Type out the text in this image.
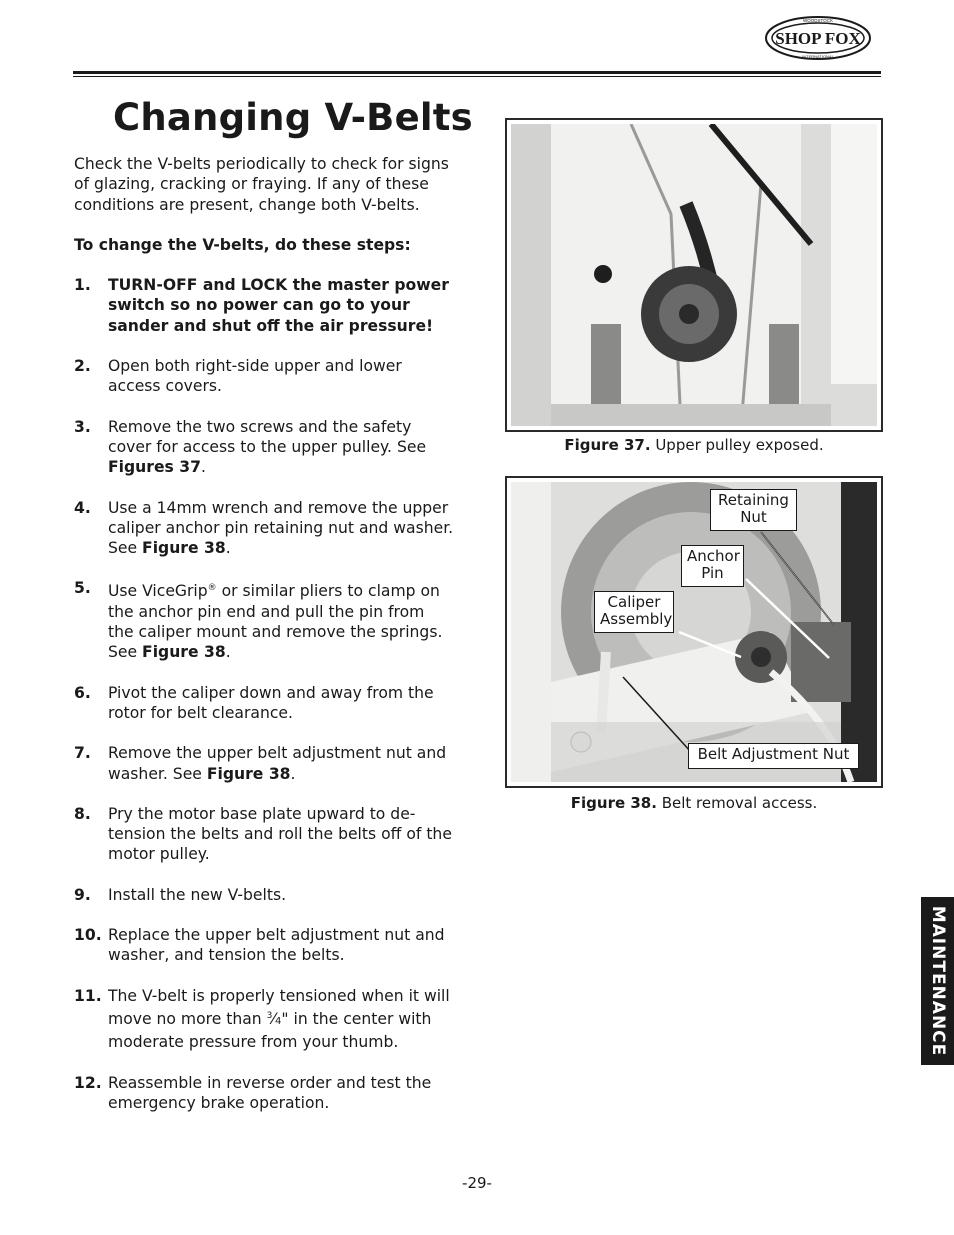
SHOP FOX
WOODSTOCK
INTERNATIONAL
Changing V-Belts

Check the V-belts periodically to check for signs of glazing, cracking or fraying. If any of these conditions are present, change both V-belts.

To change the V-belts, do these steps:

1.	TURN-OFF and LOCK the master power switch so no power can go to your sander and shut off the air pressure!
2.	Open both right-side upper and lower access covers.
3.	Remove the two screws and the safety cover for access to the upper pulley. See Figures 37.
4.	Use a 14mm wrench and remove the upper caliper anchor pin retaining nut and washer. See Figure 38.
5.	Use ViceGrip® or similar pliers to clamp on the anchor pin end and pull the pin from the caliper mount and remove the springs. See Figure 38.
6.	Pivot the caliper down and away from the rotor for belt clearance.
7.	Remove the upper belt adjustment nut and washer. See Figure 38.
8.	Pry the motor base plate upward to de-tension the belts and roll the belts off of the motor pulley.
9.	Install the new V-belts.
10. Replace the upper belt adjustment nut and washer, and tension the belts.
11. The V-belt is properly tensioned when it will move no more than $^3$⁄4" in the center with moderate pressure from your thumb.
12. Reassemble in reverse order and test the emergency brake operation.
Figure 37. Upper pulley exposed.
Retaining Nut
Anchor Pin
Caliper Assembly
Belt Adjustment Nut
Figure 38. Belt removal access.
MAINTENANCE
-29-
